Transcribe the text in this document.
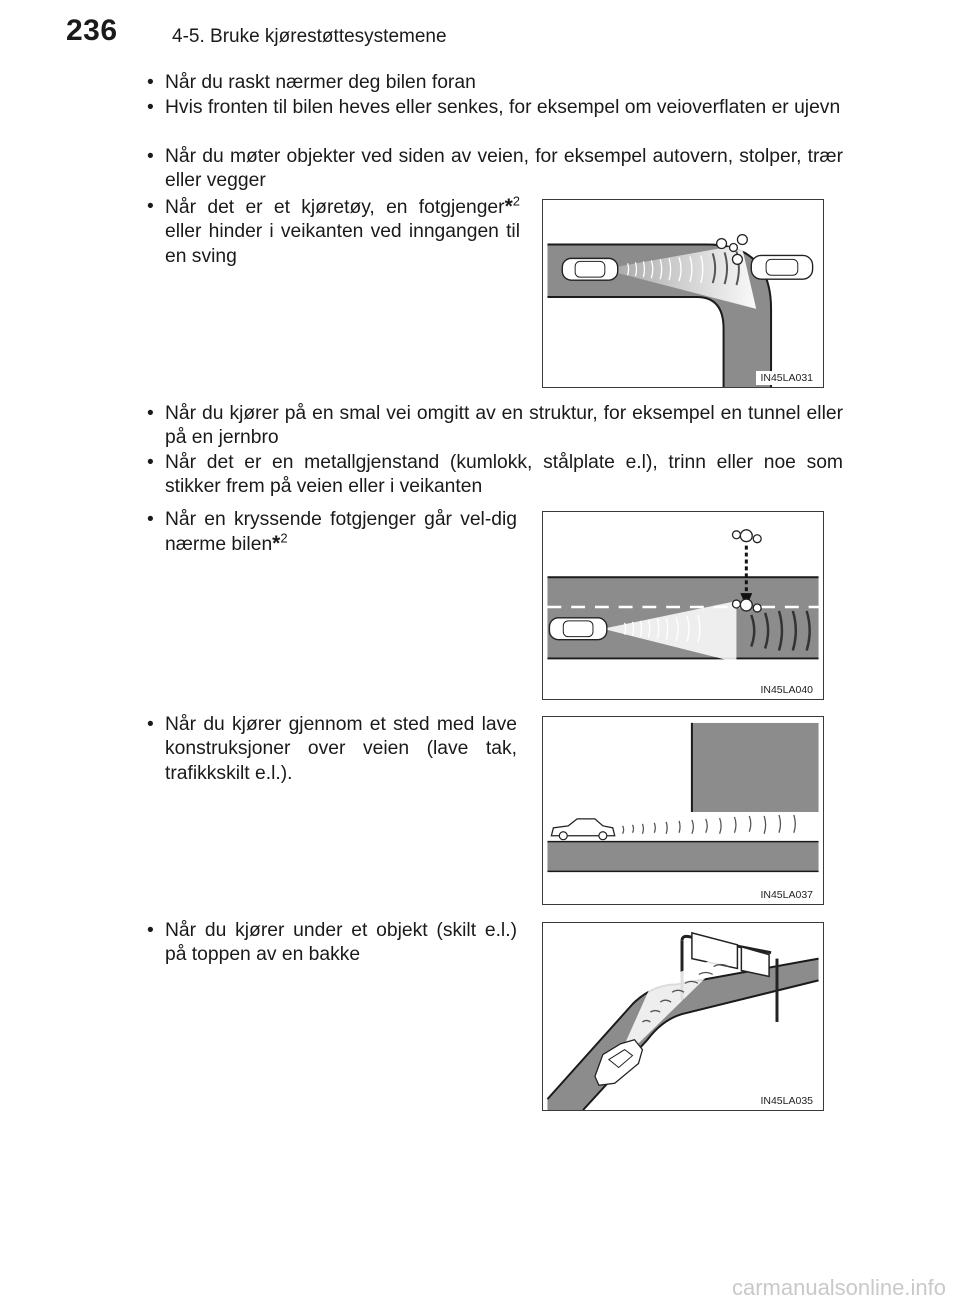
236	4-5. Bruke kjørestøttesystemene
• Når du raskt nærmer deg bilen foran
• Hvis fronten til bilen heves eller senkes, for eksempel om veioverflaten er ujevn
• Når du møter objekter ved siden av veien, for eksempel autovern, stolper, trær eller vegger
• Når det er et kjøretøy, en fotgjenger*$^2$ eller hinder i veikanten ved inngangen til en sving
• Når du kjører på en smal vei omgitt av en struktur, for eksempel en tunnel eller på en jernbro
• Når det er en metallgjenstand (kumlokk, stålplate e.l), trinn eller noe som stikker frem på veien eller i veikanten
• Når en kryssende fotgjenger går vel-dig nærme bilen*$^2$
• Når du kjører gjennom et sted med lave konstruksjoner over veien (lave tak, trafikkskilt e.l.).
• Når du kjører under et objekt (skilt e.l.) på toppen av en bakke
IN45LA031
IN45LA040
IN45LA037
IN45LA035
carmanualsonline.info
